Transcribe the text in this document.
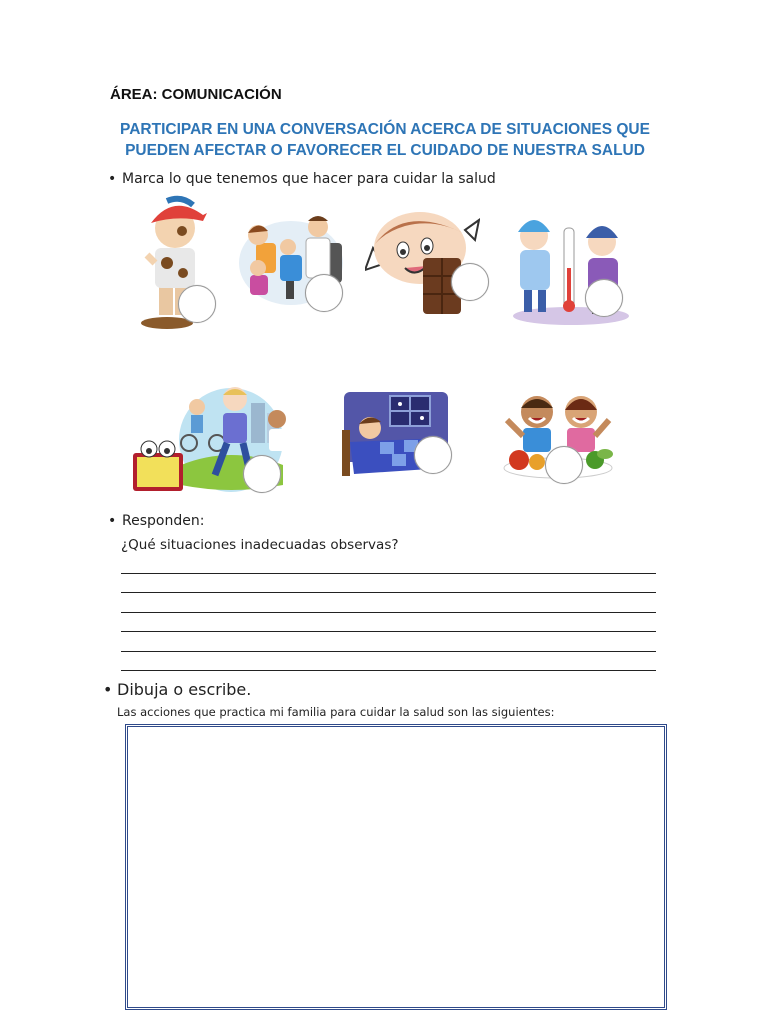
ÁREA: COMUNICACIÓN
PARTICIPAR EN UNA CONVERSACIÓN ACERCA DE SITUACIONES QUE
PUEDEN AFECTAR O FAVORECER EL CUIDADO DE NUESTRA SALUD
• Marca lo que tenemos que hacer para cuidar la salud
• Responden:
¿Qué situaciones inadecuadas observas?
• Dibuja o escribe.
Las acciones que practica mi familia para cuidar la salud son las siguientes:
